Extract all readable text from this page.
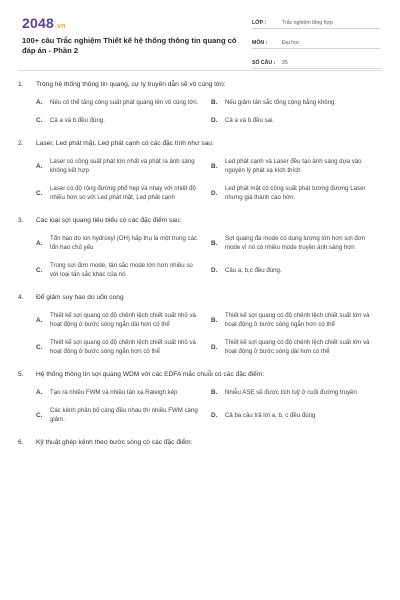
2048.vn
100+ câu Trắc nghiệm Thiết kế hệ thống thông tin quang có đáp án - Phần 2
LỚP :	Trắc nghiệm tổng hợp
MÔN :	Đại học
SỐ CÂU :	25
1.	Trong hệ thống thông tin quang, cự ly truyền dẫn sẽ vô cùng lớn:
A.	Nếu có thể tăng công suất phát quang lên vô cùng lớn.	B.	Nếu giảm tán sắc tổng cộng bằng không.
C.	Cả a và b đều đúng.	D.	Cả a và b đều sai.
2.	Laser, Led phát mặt, Led phát cạnh có các đặc tính như sau:
A.
Laser có công suất phát lớn nhất và phát ra ánh sáng không kết hợp
B.
Led phát cạnh và Laser đều tạo ánh sáng dựa vào nguyên lý phát xạ kích thích
C.
Laser có độ rộng đường phổ hẹp và nhạy với nhiệt độ nhiều hơn so với Led phát mặt, Led phát cạnh
D.
Led phát mặt có công suất phát tương đương Laser nhưng giá thành cao hơn.
3.	Các loại sợi quang tiêu biểu có các đặc điểm sau:
A.
Tổn hao do ion hydroxyl (OH) hấp thụ là một trong các tổn hao chủ yếu
B.
Sợi quang đa mode có dung lượng lớn hơn sợi đơn mode vì nó có nhiều mode truyền ánh sáng hơn
C.
Trong sợi đơn mode, tán sắc mode lớn hơn nhiều so với loại tán sắc khác của nó
D.	Câu a, b,c đều đúng.
4.	Để giảm suy hao do uốn cong
A.
Thiết kế sợi quang có độ chênh lệch chiết suất nhỏ và hoạt động ở bước sóng ngắn dài hơn có thể
B.
Thiết kế sợi quang có độ chênh lệch chiết suất lớn và hoạt động ở bước sóng ngắn hơn có thể
C.
Thiết kế sợi quang có độ chênh lệch chiết suất nhỏ và hoạt động ở bước sóng ngắn hơn có thể
D.
Thiết kế sợi quang có độ chênh lệch chiết suất lớn và hoạt động ở bước sóng dài hơn có thể
5.	Hệ thống thông tin sợi quang WDM với các EDFA mắc chuỗi có các đặc điểm:
A.	Tạo ra nhiều FWM và nhiều tán xạ Raleigh kép	B.	Nhiễu ASE sẽ được tích luỹ ở cuối đường truyền
C.
Các kênh phân bố càng đều nhau thì nhiều FWM càng giảm.
D.	Cả ba câu trả lời a, b, c đều đúng
6.	Kỹ thuật ghép kênh theo bước sóng có các đặc điểm:
